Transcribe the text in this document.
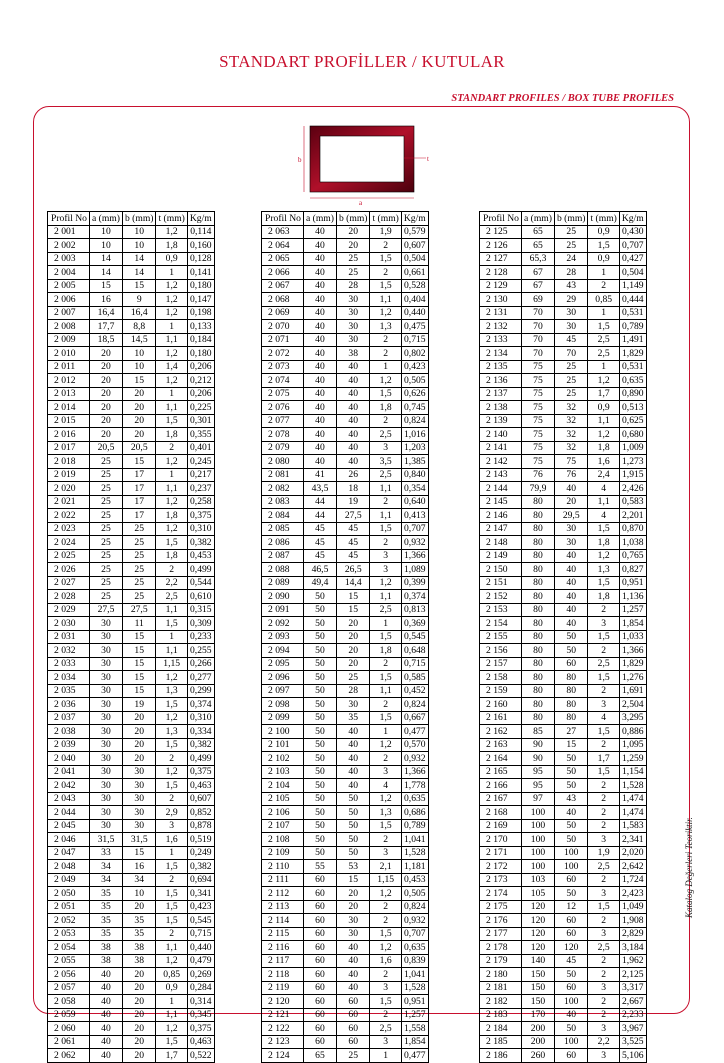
STANDART PROFİLLER / KUTULAR
STANDART PROFILES / BOX TUBE PROFILES
b
a
t
Profil No	a (mm)	b (mm)	t (mm)	Kg/m
2 001	10	10	1,2	0,114
2 002	10	10	1,8	0,160
2 003	14	14	0,9	0,128
2 004	14	14	1	0,141
2 005	15	15	1,2	0,180
2 006	16	9	1,2	0,147
2 007	16,4	16,4	1,2	0,198
2 008	17,7	8,8	1	0,133
2 009	18,5	14,5	1,1	0,184
2 010	20	10	1,2	0,180
2 011	20	10	1,4	0,206
2 012	20	15	1,2	0,212
2 013	20	20	1	0,206
2 014	20	20	1,1	0,225
2 015	20	20	1,5	0,301
2 016	20	20	1,8	0,355
2 017	20,5	20,5	2	0,401
2 018	25	15	1,2	0,245
2 019	25	17	1	0,217
2 020	25	17	1,1	0,237
2 021	25	17	1,2	0,258
2 022	25	17	1,8	0,375
2 023	25	25	1,2	0,310
2 024	25	25	1,5	0,382
2 025	25	25	1,8	0,453
2 026	25	25	2	0,499
2 027	25	25	2,2	0,544
2 028	25	25	2,5	0,610
2 029	27,5	27,5	1,1	0,315
2 030	30	11	1,5	0,309
2 031	30	15	1	0,233
2 032	30	15	1,1	0,255
2 033	30	15	1,15	0,266
2 034	30	15	1,2	0,277
2 035	30	15	1,3	0,299
2 036	30	19	1,5	0,374
2 037	30	20	1,2	0,310
2 038	30	20	1,3	0,334
2 039	30	20	1,5	0,382
2 040	30	20	2	0,499
2 041	30	30	1,2	0,375
2 042	30	30	1,5	0,463
2 043	30	30	2	0,607
2 044	30	30	2,9	0,852
2 045	30	30	3	0,878
2 046	31,5	31,5	1,6	0,519
2 047	33	15	1	0,249
2 048	34	16	1,5	0,382
2 049	34	34	2	0,694
2 050	35	10	1,5	0,341
2 051	35	20	1,5	0,423
2 052	35	35	1,5	0,545
2 053	35	35	2	0,715
2 054	38	38	1,1	0,440
2 055	38	38	1,2	0,479
2 056	40	20	0,85	0,269
2 057	40	20	0,9	0,284
2 058	40	20	1	0,314
2 059	40	20	1,1	0,345
2 060	40	20	1,2	0,375
2 061	40	20	1,5	0,463
2 062	40	20	1,7	0,522
Profil No	a (mm)	b (mm)	t (mm)	Kg/m
2 063	40	20	1,9	0,579
2 064	40	20	2	0,607
2 065	40	25	1,5	0,504
2 066	40	25	2	0,661
2 067	40	28	1,5	0,528
2 068	40	30	1,1	0,404
2 069	40	30	1,2	0,440
2 070	40	30	1,3	0,475
2 071	40	30	2	0,715
2 072	40	38	2	0,802
2 073	40	40	1	0,423
2 074	40	40	1,2	0,505
2 075	40	40	1,5	0,626
2 076	40	40	1,8	0,745
2 077	40	40	2	0,824
2 078	40	40	2,5	1,016
2 079	40	40	3	1,203
2 080	40	40	3,5	1,385
2 081	41	26	2,5	0,840
2 082	43,5	18	1,1	0,354
2 083	44	19	2	0,640
2 084	44	27,5	1,1	0,413
2 085	45	45	1,5	0,707
2 086	45	45	2	0,932
2 087	45	45	3	1,366
2 088	46,5	26,5	3	1,089
2 089	49,4	14,4	1,2	0,399
2 090	50	15	1,1	0,374
2 091	50	15	2,5	0,813
2 092	50	20	1	0,369
2 093	50	20	1,5	0,545
2 094	50	20	1,8	0,648
2 095	50	20	2	0,715
2 096	50	25	1,5	0,585
2 097	50	28	1,1	0,452
2 098	50	30	2	0,824
2 099	50	35	1,5	0,667
2 100	50	40	1	0,477
2 101	50	40	1,2	0,570
2 102	50	40	2	0,932
2 103	50	40	3	1,366
2 104	50	40	4	1,778
2 105	50	50	1,2	0,635
2 106	50	50	1,3	0,686
2 107	50	50	1,5	0,789
2 108	50	50	2	1,041
2 109	50	50	3	1,528
2 110	55	53	2,1	1,181
2 111	60	15	1,15	0,453
2 112	60	20	1,2	0,505
2 113	60	20	2	0,824
2 114	60	30	2	0,932
2 115	60	30	1,5	0,707
2 116	60	40	1,2	0,635
2 117	60	40	1,6	0,839
2 118	60	40	2	1,041
2 119	60	40	3	1,528
2 120	60	60	1,5	0,951
2 121	60	60	2	1,257
2 122	60	60	2,5	1,558
2 123	60	60	3	1,854
2 124	65	25	1	0,477
Profil No	a (mm)	b (mm)	t (mm)	Kg/m
2 125	65	25	0,9	0,430
2 126	65	25	1,5	0,707
2 127	65,3	24	0,9	0,427
2 128	67	28	1	0,504
2 129	67	43	2	1,149
2 130	69	29	0,85	0,444
2 131	70	30	1	0,531
2 132	70	30	1,5	0,789
2 133	70	45	2,5	1,491
2 134	70	70	2,5	1,829
2 135	75	25	1	0,531
2 136	75	25	1,2	0,635
2 137	75	25	1,7	0,890
2 138	75	32	0,9	0,513
2 139	75	32	1,1	0,625
2 140	75	32	1,2	0,680
2 141	75	32	1,8	1,009
2 142	75	75	1,6	1,273
2 143	76	76	2,4	1,915
2 144	79,9	40	4	2,426
2 145	80	20	1,1	0,583
2 146	80	29,5	4	2,201
2 147	80	30	1,5	0,870
2 148	80	30	1,8	1,038
2 149	80	40	1,2	0,765
2 150	80	40	1,3	0,827
2 151	80	40	1,5	0,951
2 152	80	40	1,8	1,136
2 153	80	40	2	1,257
2 154	80	40	3	1,854
2 155	80	50	1,5	1,033
2 156	80	50	2	1,366
2 157	80	60	2,5	1,829
2 158	80	80	1,5	1,276
2 159	80	80	2	1,691
2 160	80	80	3	2,504
2 161	80	80	4	3,295
2 162	85	27	1,5	0,886
2 163	90	15	2	1,095
2 164	90	50	1,7	1,259
2 165	95	50	1,5	1,154
2 166	95	50	2	1,528
2 167	97	43	2	1,474
2 168	100	40	2	1,474
2 169	100	50	2	1,583
2 170	100	50	3	2,341
2 171	100	100	1,9	2,020
2 172	100	100	2,5	2,642
2 173	103	60	2	1,724
2 174	105	50	3	2,423
2 175	120	12	1,5	1,049
2 176	120	60	2	1,908
2 177	120	60	3	2,829
2 178	120	120	2,5	3,184
2 179	140	45	2	1,962
2 180	150	50	2	2,125
2 181	150	60	3	3,317
2 182	150	100	2	2,667
2 183	170	40	2	2,233
2 184	200	50	3	3,967
2 185	200	100	2,2	3,525
2 186	260	60	3	5,106
Katalog Değerleri Teoriktir.
